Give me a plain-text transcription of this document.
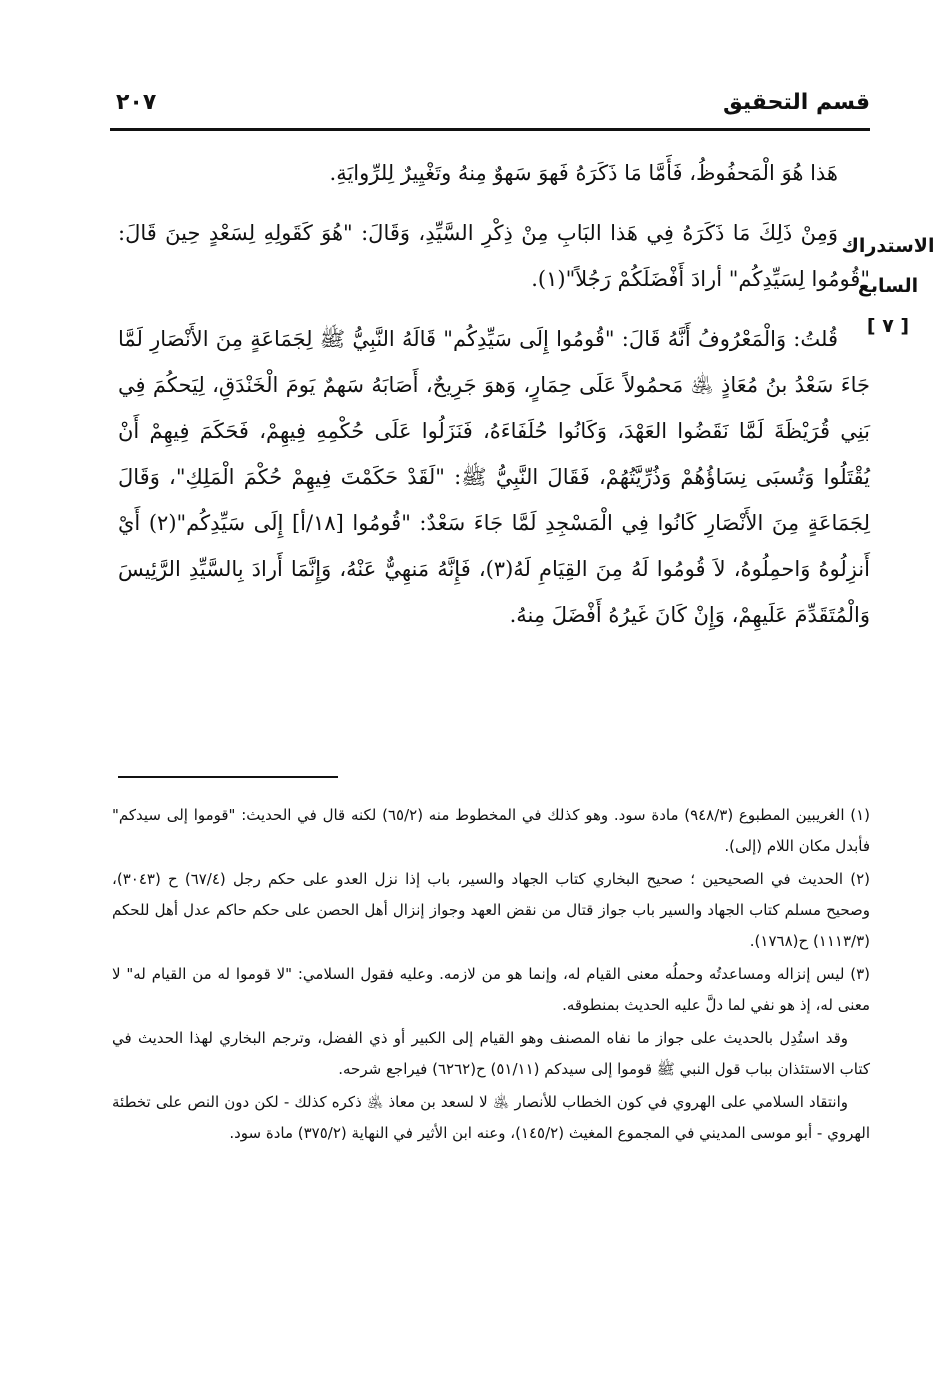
قسم التحقيق
٢٠٧
الاستدراك
السابع
[ ٧ ]

هَذا هُوَ الْمَحفُوظُ، فَأَمَّا مَا ذَكَرَهُ فَهوَ سَهوٌ مِنهُ وتَغْيِيرٌ لِلرِّوايَةِ.

وَمِنْ ذَلِكَ مَا ذَكَرَهُ فِي هَذا البَابِ مِنْ ذِكْرِ السَّيِّدِ، وَقَالَ: "هُوَ كَقَولِهِ لِسَعْدٍ حِينَ قَالَ: "قُومُوا لِسَيِّدِكُم" أرادَ أَفْضَلَكُمْ رَجُلاً"(١).

قُلتُ: وَالْمَعْرُوفُ أَنَّهُ قَالَ: "قُومُوا إِلَى سَيِّدِكُم" قَالَهُ النَّبِيُّ ﷺ لِجَمَاعَةٍ مِنَ الأَنْصَارِ لَمَّا جَاءَ سَعْدُ بنُ مُعَاذٍ ﵁ مَحمُولاً عَلَى حِمَارٍ، وَهوَ جَرِيحٌ، أَصَابَهُ سَهمٌ يَومَ الْخَنْدَقِ، لِيَحكُمَ فِي بَنِي قُرَيْظَةَ لَمَّا نَقَضُوا العَهْدَ، وَكَانُوا حُلَفَاءَهُ، فَنَزَلُوا عَلَى حُكْمِهِ فِيهِمْ، فَحَكَمَ فِيهِمْ أَنْ يُقْتَلُوا وَتُسبَى نِسَاؤُهُمْ وَذُرِّيَّتُهُمْ، فَقَالَ النَّبِيُّ ﷺ: "لَقَدْ حَكَمْتَ فِيهِمْ حُكْمَ الْمَلِكِ"، وَقَالَ لِجَمَاعَةٍ مِنَ الأَنْصَارِ كَانُوا فِي الْمَسْجِدِ لَمَّا جَاءَ سَعْدٌ: "قُومُوا [١٨/أ] إِلَى سَيِّدِكُم"(٢) أَيْ أَنزِلُوهُ وَاحمِلُوهُ، لاَ قُومُوا لَهُ مِنَ القِيَامِ لَهُ(٣)، فَإِنَّهُ مَنهِيٌّ عَنْهُ، وَإِنَّمَا أَرادَ بِالسَّيِّدِ الرَّئِيسَ وَالْمُتَقَدِّمَ عَلَيهِمْ، وَإِنْ كَانَ غَيرُهُ أَفْضَلَ مِنهُ.

(١) الغريبين المطبوع (٩٤٨/٣) مادة سود. وهو كذلك في المخطوط منه (٦٥/٢) لكنه قال في الحديث: "قوموا إلى سيدكم" فأبدل مكان اللام (إلى).

(٢) الحديث في الصحيحين ؛ صحيح البخاري كتاب الجهاد والسير، باب إذا نزل العدو على حكم رجل (٦٧/٤) ح (٣٠٤٣)، وصحيح مسلم كتاب الجهاد والسير باب جواز قتال من نقض العهد وجواز إنزال أهل الحصن على حكم حاكم عدل أهل للحكم (١١١٣/٣) ح(١٧٦٨).

(٣) ليس إنزاله ومساعدتُه وحملُه معنى القيام له، وإنما هو من لازمه. وعليه فقول السلامي: "لا قوموا له من القيام له" لا معنى له، إذ هو نفي لما دلَّ عليه الحديث بمنطوقه.

وقد استُدِل بالحديث على جواز ما نفاه المصنف وهو القيام إلى الكبير أو ذي الفضل، وترجم البخاري لهذا الحديث في كتاب الاستئذان بباب قول النبي ﷺ قوموا إلى سيدكم (٥١/١١) ح(٦٢٦٢) فيراجع شرحه.

وانتقاد السلامي على الهروي في كون الخطاب للأنصار ﵁ لا لسعد بن معاذ ﵁ ذكره كذلك - لكن دون النص على تخطئة الهروي - أبو موسى المديني في المجموع المغيث (١٤٥/٢)، وعنه ابن الأثير في النهاية (٣٧٥/٢) مادة سود.
